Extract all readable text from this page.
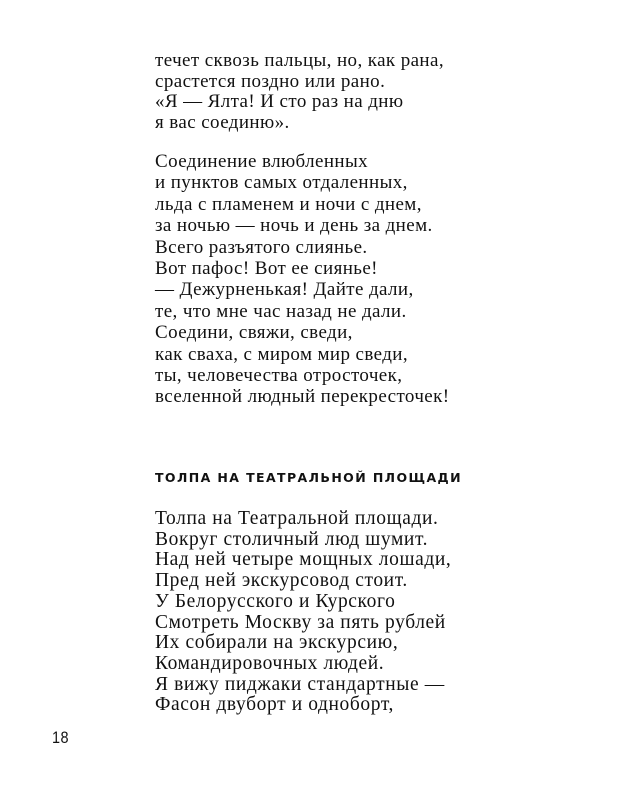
течет сквозь пальцы, но, как рана,
срастется поздно или рано.
«Я — Ялта! И сто раз на дню
я вас соединю».
Соединение влюбленных
и пунктов самых отдаленных,
льда с пламенем и ночи с днем,
за ночью — ночь и день за днем.
Всего разъятого слиянье.
Вот пафос! Вот ее сиянье!
— Дежурненькая! Дайте дали,
те, что мне час назад не дали.
Соедини, свяжи, сведи,
как сваха, с миром мир сведи,
ты, человечества отросточек,
вселенной людный перекресточек!
ТОЛПА НА ТЕАТРАЛЬНОЙ ПЛОЩАДИ
Толпа на Театральной площади.
Вокруг столичный люд шумит.
Над ней четыре мощных лошади,
Пред ней экскурсовод стоит.
У Белорусского и Курского
Смотреть Москву за пять рублей
Их собирали на экскурсию,
Командировочных людей.
Я вижу пиджаки стандартные —
Фасон двуборт и одноборт,
18
